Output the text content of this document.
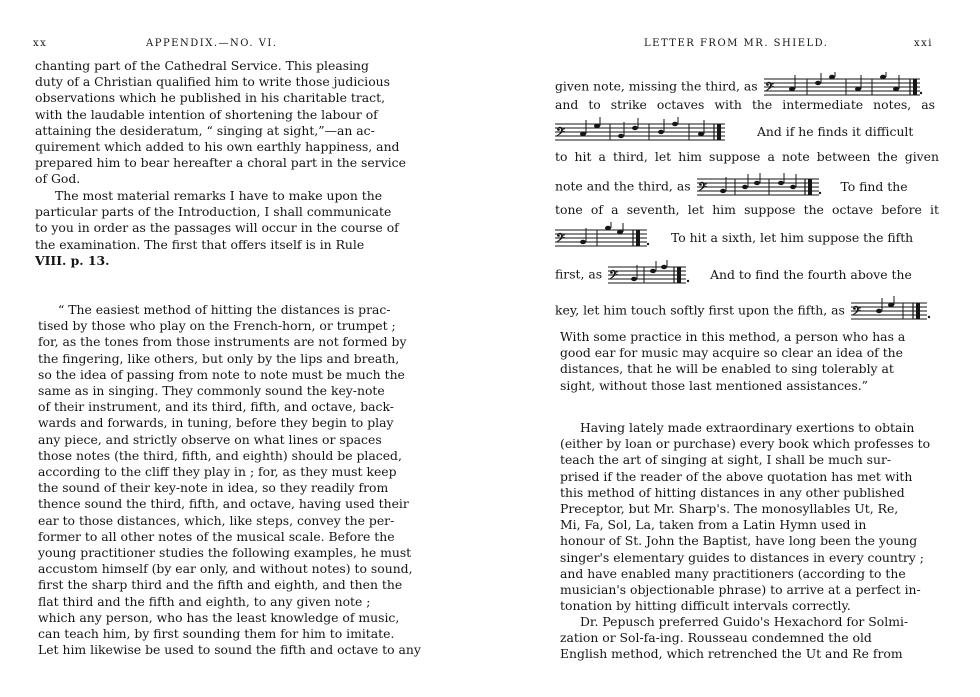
xx	APPENDIX.—NO. VI.

chanting part of the Cathedral Service. This pleasing

duty of a Christian qualified him to write those judicious

observations which he published in his charitable tract,

with the laudable intention of shortening the labour of

attaining the desideratum, “ singing at sight,”—an ac-

quirement which added to his own earthly happiness, and

prepared him to bear hereafter a choral part in the service

of God.

The most material remarks I have to make upon the

particular parts of the Introduction, I shall communicate

to you in order as the passages will occur in the course of

the examination. The first that offers itself is in Rule

VIII. p. 13.

“ The easiest method of hitting the distances is prac-

tised by those who play on the French-horn, or trumpet ;

for, as the tones from those instruments are not formed by

the fingering, like others, but only by the lips and breath,

so the idea of passing from note to note must be much the

same as in singing. They commonly sound the key-note

of their instrument, and its third, fifth, and octave, back-

wards and forwards, in tuning, before they begin to play

any piece, and strictly observe on what lines or spaces

those notes (the third, fifth, and eighth) should be placed,

according to the cliff they play in ; for, as they must keep

the sound of their key-note in idea, so they readily from

thence sound the third, fifth, and octave, having used their

ear to those distances, which, like steps, convey the per-

former to all other notes of the musical scale. Before the

young practitioner studies the following examples, he must

accustom himself (by ear only, and without notes) to sound,

first the sharp third and the fifth and eighth, and then the

flat third and the fifth and eighth, to any given note ;

which any person, who has the least knowledge of music,

can teach him, by first sounding them for him to imitate.

Let him likewise be used to sound the fifth and octave to any

LETTER FROM MR. SHIELD.	xxi
given note, missing the third, as 𝄢
and to strike octaves with the intermediate notes, as
𝄢	And if he finds it difficult
to hit a third, let him suppose a note between the given
note and the third, as 𝄢	To find the
tone of a seventh, let him suppose the octave before it
𝄢	To hit a sixth, let him suppose the fifth
first, as 𝄢	And to find the fourth above the
key, let him touch softly first upon the fifth, as 𝄢

With some practice in this method, a person who has a

good ear for music may acquire so clear an idea of the

distances, that he will be enabled to sing tolerably at

sight, without those last mentioned assistances.”

Having lately made extraordinary exertions to obtain

(either by loan or purchase) every book which professes to

teach the art of singing at sight, I shall be much sur-

prised if the reader of the above quotation has met with

this method of hitting distances in any other published

Preceptor, but Mr. Sharp's. The monosyllables Ut, Re,

Mi, Fa, Sol, La, taken from a Latin Hymn used in

honour of St. John the Baptist, have long been the young

singer's elementary guides to distances in every country ;

and have enabled many practitioners (according to the

musician's objectionable phrase) to arrive at a perfect in-

tonation by hitting difficult intervals correctly.

Dr. Pepusch preferred Guido's Hexachord for Solmi-

zation or Sol-fa-ing. Rousseau condemned the old

English method, which retrenched the Ut and Re from
